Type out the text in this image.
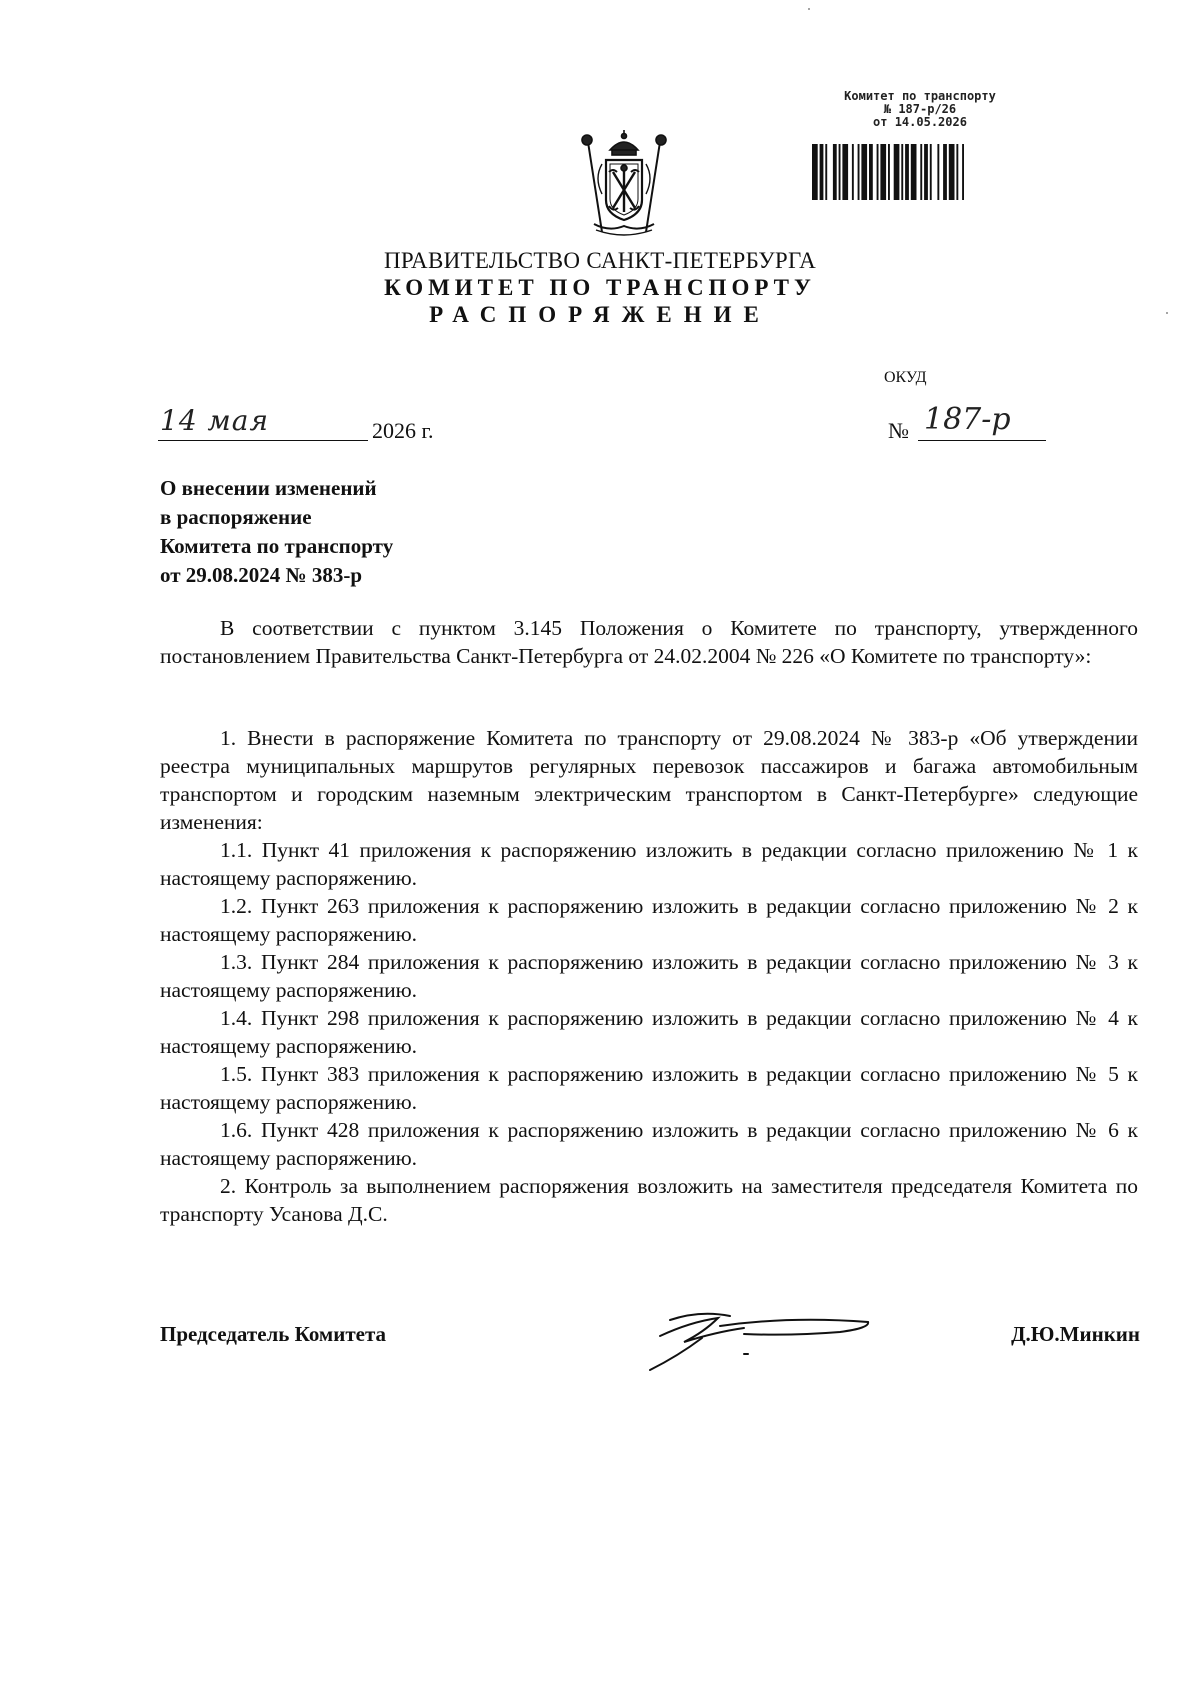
Комитет по транспорту
№ 187-р/26
от 14.05.2026
ПРАВИТЕЛЬСТВО САНКТ-ПЕТЕРБУРГА
КОМИТЕТ ПО ТРАНСПОРТУ
РАСПОРЯЖЕНИЕ
ОКУД
14 мая	2026 г.	№ 187-р
О внесении изменений
в распоряжение
Комитета по транспорту
от 29.08.2024 № 383-р

В соответствии с пунктом 3.145 Положения о Комитете по транспорту, утвержденного постановлением Правительства Санкт-Петербурга от 24.02.2004 № 226 «О Комитете по транспорту»:

1. Внести в распоряжение Комитета по транспорту от 29.08.2024 № 383-р «Об утверждении реестра муниципальных маршрутов регулярных перевозок пассажиров и багажа автомобильным транспортом и городским наземным электрическим транспортом в Санкт-Петербурге» следующие изменения:

1.1. Пункт 41 приложения к распоряжению изложить в редакции согласно приложению № 1 к настоящему распоряжению.

1.2. Пункт 263 приложения к распоряжению изложить в редакции согласно приложению № 2 к настоящему распоряжению.

1.3. Пункт 284 приложения к распоряжению изложить в редакции согласно приложению № 3 к настоящему распоряжению.

1.4. Пункт 298 приложения к распоряжению изложить в редакции согласно приложению № 4 к настоящему распоряжению.

1.5. Пункт 383 приложения к распоряжению изложить в редакции согласно приложению № 5 к настоящему распоряжению.

1.6. Пункт 428 приложения к распоряжению изложить в редакции согласно приложению № 6 к настоящему распоряжению.

2. Контроль за выполнением распоряжения возложить на заместителя председателя Комитета по транспорту Усанова Д.С.

Председатель Комитета	Д.Ю.Минкин
